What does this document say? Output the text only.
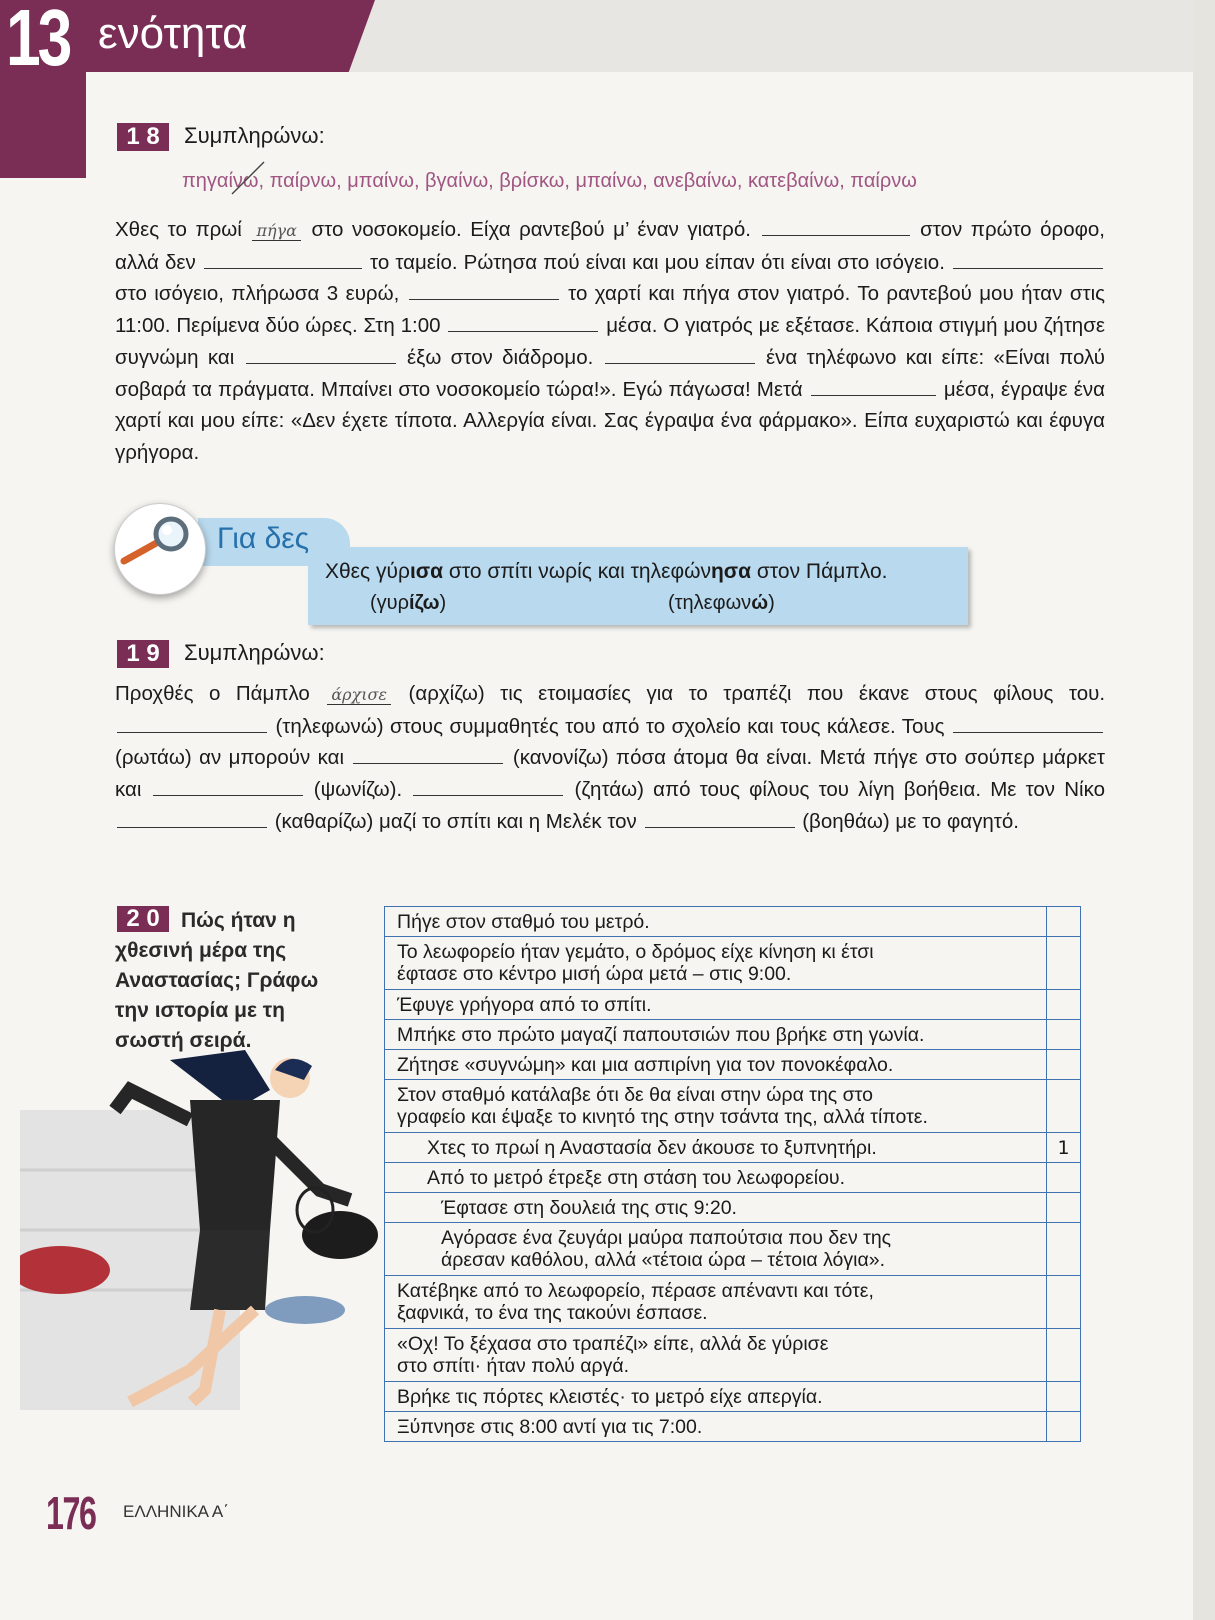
13 ενότητα
1 8	Συμπληρώνω:
πηγαίνω, παίρνω, μπαίνω, βγαίνω, βρίσκω, μπαίνω, ανεβαίνω, κατεβαίνω, παίρνω
Χθες το πρωί πήγα στο νοσοκομείο. Είχα ραντεβού μ’ έναν γιατρό.	στον πρώτο όροφο, αλλά δεν	το ταμείο. Ρώτησα πού είναι και μου είπαν ότι είναι στο ισόγειο.  στο ισόγειο, πλήρωσα 3 ευρώ,	το χαρτί και πήγα στον γιατρό. Το ραντεβού μου ήταν στις 11:00. Περίμενα δύο ώρες. Στη 1:00	μέσα. Ο γιατρός με εξέτασε. Κάποια στιγμή μου ζήτησε συγνώμη και	έξω στον διάδρομο.	ένα τηλέφωνο και είπε: «Είναι πολύ σοβαρά τα πράγματα. Μπαίνει στο νοσοκομείο τώρα!». Εγώ πάγωσα! Μετά	μέσα, έγραψε ένα χαρτί και μου είπε: «Δεν έχετε τίποτα. Αλλεργία είναι. Σας έγραψα ένα φάρμακο». Είπα ευχαριστώ και έφυγα γρήγορα.
Για δες
Χθες γύρισα στο σπίτι νωρίς και τηλεφώνησα στον Πάμπλο.
(γυρίζω)	(τηλεφωνώ)
1 9	Συμπληρώνω:
Προχθές ο Πάμπλο άρχισε (αρχίζω) τις ετοιμασίες για το τραπέζι που έκανε στους φίλους του.  (τηλεφωνώ) στους συμμαθητές του από το σχολείο και τους κάλεσε. Τους  (ρωτάω) αν μπορούν και	(κανονίζω) πόσα άτομα θα είναι. Μετά πήγε στο σούπερ μάρκετ και	(ψωνίζω).	(ζητάω) από τους φίλους του λίγη βοήθεια. Με τον Νίκο  (καθαρίζω) μαζί το σπίτι και η Μελέκ τον	(βοηθάω) με το φαγητό.
2 0	Πώς ήταν η χθεσινή μέρα της Αναστασίας; Γράφω την ιστορία με τη σωστή σειρά.
Πήγε στον σταθμό του μετρό.	
Το λεωφορείο ήταν γεμάτο, ο δρόμος είχε κίνηση κι έτσι
έφτασε στο κέντρο μισή ώρα μετά – στις 9:00.	
Έφυγε γρήγορα από το σπίτι.	
Μπήκε στο πρώτο μαγαζί παπουτσιών που βρήκε στη γωνία.	
Ζήτησε «συγνώμη» και μια ασπιρίνη για τον πονοκέφαλο.	
Στον σταθμό κατάλαβε ότι δε θα είναι στην ώρα της στο
γραφείο και έψαξε το κινητό της στην τσάντα της, αλλά τίποτε.	
Χτες το πρωί η Αναστασία δεν άκουσε το ξυπνητήρι.	1
Από το μετρό έτρεξε στη στάση του λεωφορείου.	
Έφτασε στη δουλειά της στις 9:20.	
Αγόρασε ένα ζευγάρι μαύρα παπούτσια που δεν της
άρεσαν καθόλου, αλλά «τέτοια ώρα – τέτοια λόγια».	
Κατέβηκε από το λεωφορείο, πέρασε απέναντι και τότε,
ξαφνικά, το ένα της τακούνι έσπασε.	
«Οχ! Το ξέχασα στο τραπέζι» είπε, αλλά δε γύρισε
στο σπίτι· ήταν πολύ αργά.	
Βρήκε τις πόρτες κλειστές· το μετρό είχε απεργία.	
Ξύπνησε στις 8:00 αντί για τις 7:00.	
176 ΕΛΛΗΝΙΚΑ Α΄
